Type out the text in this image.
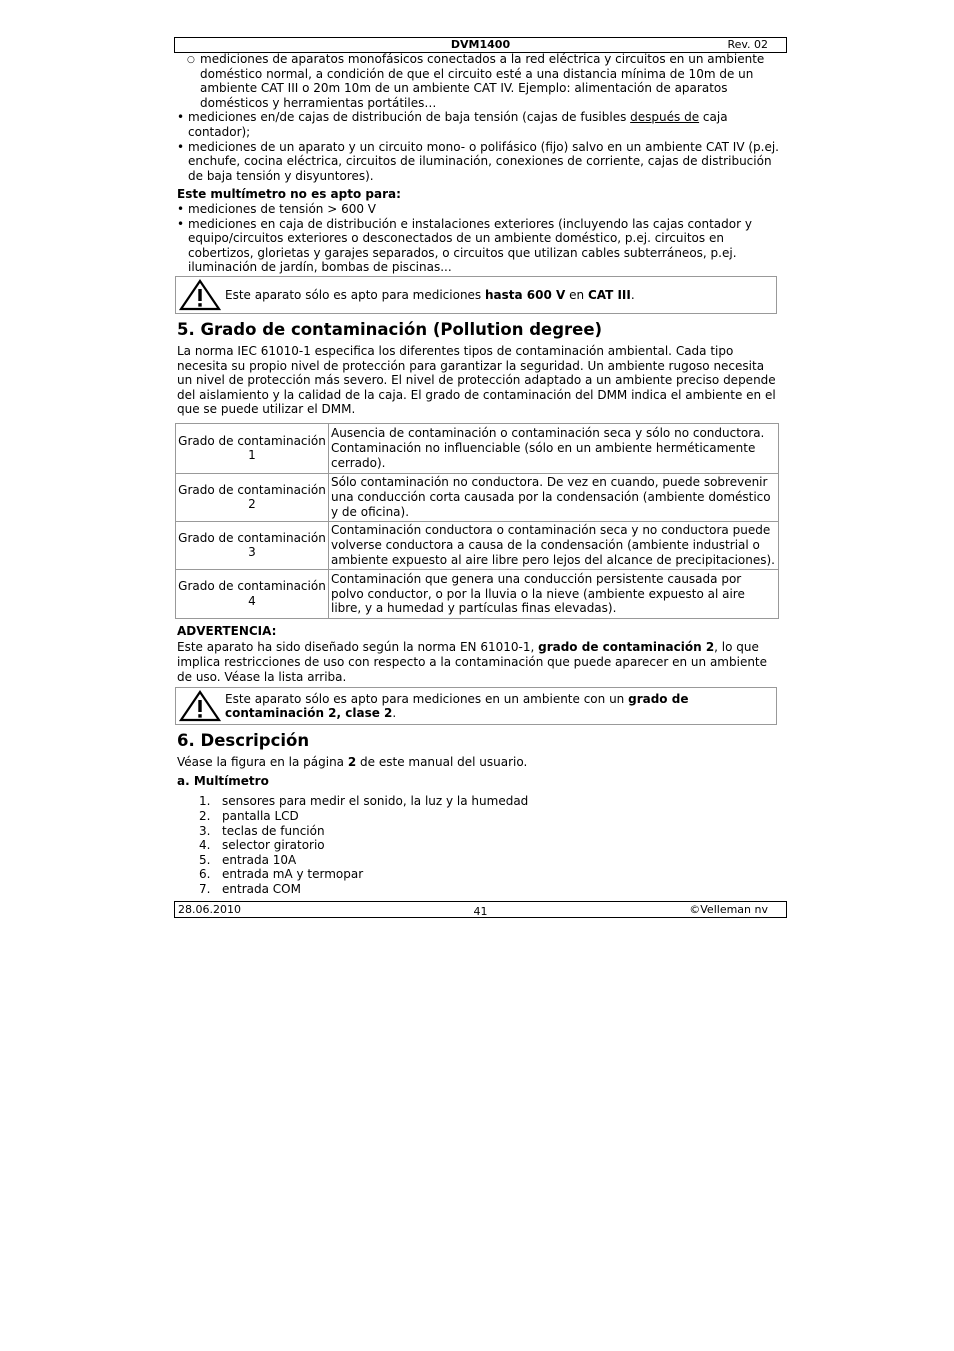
DVM1400	Rev. 02
○ mediciones de aparatos monofásicos conectados a la red eléctrica y circuitos en un ambiente doméstico normal, a condición de que el circuito esté a una distancia mínima de 10m de un ambiente CAT III o 20m 10m de un ambiente CAT IV. Ejemplo: alimentación de aparatos domésticos y herramientas portátiles…
• mediciones en/de cajas de distribución de baja tensión (cajas de fusibles después de caja contador);
• mediciones de un aparato y un circuito mono- o polifásico (fijo) salvo en un ambiente CAT IV (p.ej. enchufe, cocina eléctrica, circuitos de iluminación, conexiones de corriente, cajas de distribución de baja tensión y disyuntores).
Este multímetro no es apto para:
• mediciones de tensión > 600 V
• mediciones en caja de distribución e instalaciones exteriores (incluyendo las cajas contador y equipo/circuitos exteriores o desconectados de un ambiente doméstico, p.ej. circuitos en cobertizos, glorietas y garajes separados, o circuitos que utilizan cables subterráneos, p.ej. iluminación de jardín, bombas de piscinas...
Este aparato sólo es apto para mediciones hasta 600 V en CAT III.
5. Grado de contaminación (Pollution degree)

La norma IEC 61010-1 especifica los diferentes tipos de contaminación ambiental. Cada tipo necesita su propio nivel de protección para garantizar la seguridad. Un ambiente rugoso necesita un nivel de protección más severo. El nivel de protección adaptado a un ambiente preciso depende del aislamiento y la calidad de la caja. El grado de contaminación del DMM indica el ambiente en el que se puede utilizar el DMM.

Grado de contaminación
1	Ausencia de contaminación o contaminación seca y sólo no conductora. Contaminación no influenciable (sólo en un ambiente herméticamente cerrado).
Grado de contaminación
2	Sólo contaminación no conductora. De vez en cuando, puede sobrevenir una conducción corta causada por la condensación (ambiente doméstico y de oficina).
Grado de contaminación
3	Contaminación conductora o contaminación seca y no conductora puede volverse conductora a causa de la condensación (ambiente industrial o ambiente expuesto al aire libre pero lejos del alcance de precipitaciones).
Grado de contaminación
4	Contaminación que genera una conducción persistente causada por polvo conductor, o por la lluvia o la nieve (ambiente expuesto al aire libre, y a humedad y partículas finas elevadas).
ADVERTENCIA:

Este aparato ha sido diseñado según la norma EN 61010-1, grado de contaminación 2, lo que implica restricciones de uso con respecto a la contaminación que puede aparecer en un ambiente de uso. Véase la lista arriba.

Este aparato sólo es apto para mediciones en un ambiente con un grado de contaminación 2, clase 2.
6. Descripción

Véase la figura en la página 2 de este manual del usuario.

a. Multímetro
1. sensores para medir el sonido, la luz y la humedad
2. pantalla LCD
3. teclas de función
4. selector giratorio
5. entrada 10A
6. entrada mA y termopar
7. entrada COM
28.06.2010	41	©Velleman nv
